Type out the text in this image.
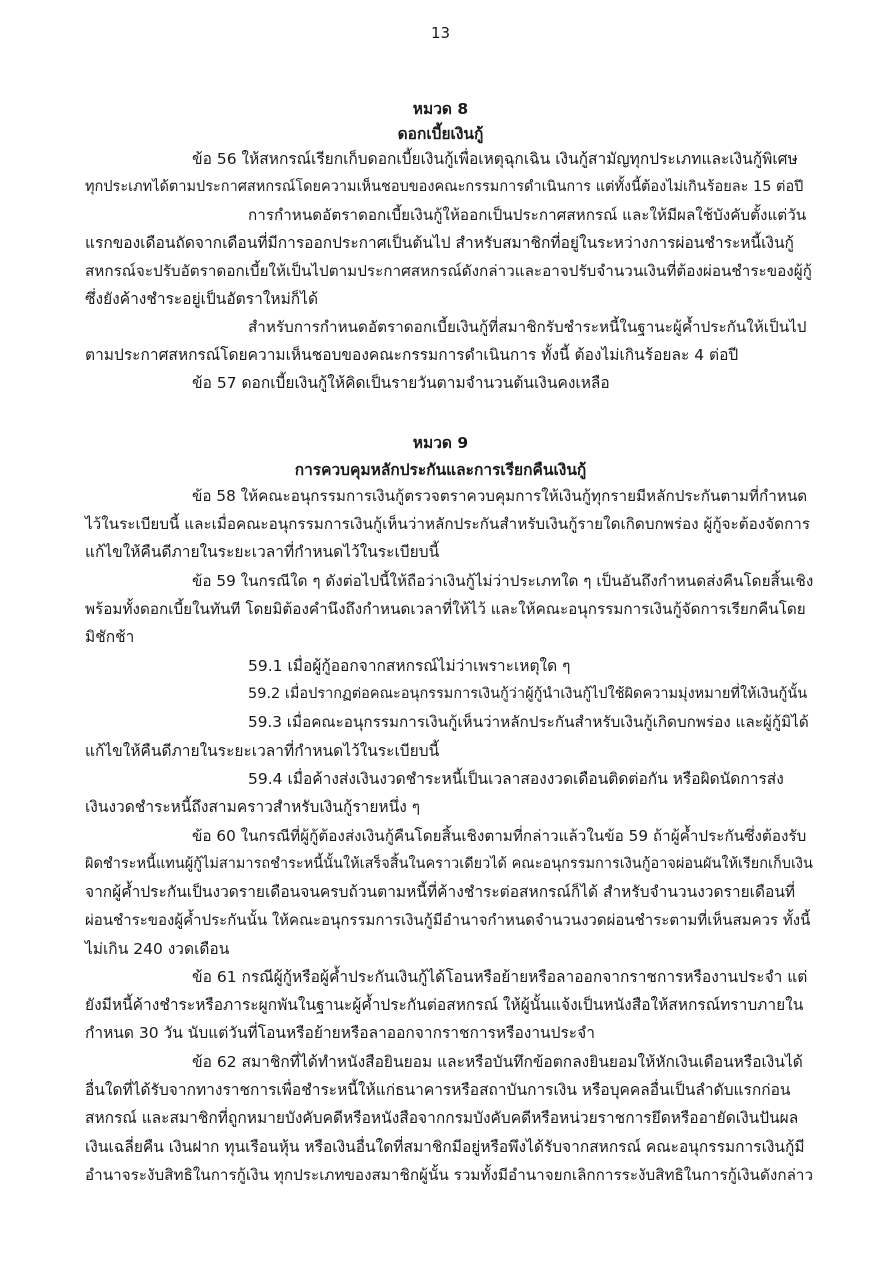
13
หมวด 8
ดอกเบี้ยเงินกู้
ข้อ 56 ให้สหกรณ์เรียกเก็บดอกเบี้ยเงินกู้เพื่อเหตุฉุกเฉิน เงินกู้สามัญทุกประเภทและเงินกู้พิเศษ
ทุกประเภทได้ตามประกาศสหกรณ์โดยความเห็นชอบของคณะกรรมการดำเนินการ แต่ทั้งนี้ต้องไม่เกินร้อยละ 15 ต่อปี
การกำหนดอัตราดอกเบี้ยเงินกู้ให้ออกเป็นประกาศสหกรณ์ และให้มีผลใช้บังคับตั้งแต่วัน
แรกของเดือนถัดจากเดือนที่มีการออกประกาศเป็นต้นไป สำหรับสมาชิกที่อยู่ในระหว่างการผ่อนชำระหนี้เงินกู้
สหกรณ์จะปรับอัตราดอกเบี้ยให้เป็นไปตามประกาศสหกรณ์ดังกล่าวและอาจปรับจำนวนเงินที่ต้องผ่อนชำระของผู้กู้
ซึ่งยังค้างชำระอยู่เป็นอัตราใหม่ก็ได้
สำหรับการกำหนดอัตราดอกเบี้ยเงินกู้ที่สมาชิกรับชำระหนี้ในฐานะผู้ค้ำประกันให้เป็นไป
ตามประกาศสหกรณ์โดยความเห็นชอบของคณะกรรมการดำเนินการ ทั้งนี้ ต้องไม่เกินร้อยละ 4 ต่อปี
ข้อ 57 ดอกเบี้ยเงินกู้ให้คิดเป็นรายวันตามจำนวนต้นเงินคงเหลือ
หมวด 9
การควบคุมหลักประกันและการเรียกคืนเงินกู้
ข้อ 58 ให้คณะอนุกรรมการเงินกู้ตรวจตราควบคุมการให้เงินกู้ทุกรายมีหลักประกันตามที่กำหนด
ไว้ในระเบียบนี้ และเมื่อคณะอนุกรรมการเงินกู้เห็นว่าหลักประกันสำหรับเงินกู้รายใดเกิดบกพร่อง ผู้กู้จะต้องจัดการ
แก้ไขให้คืนดีภายในระยะเวลาที่กำหนดไว้ในระเบียบนี้
ข้อ 59 ในกรณีใด ๆ ดังต่อไปนี้ให้ถือว่าเงินกู้ไม่ว่าประเภทใด ๆ เป็นอันถึงกำหนดส่งคืนโดยสิ้นเชิง
พร้อมทั้งดอกเบี้ยในทันที โดยมิต้องคำนึงถึงกำหนดเวลาที่ให้ไว้ และให้คณะอนุกรรมการเงินกู้จัดการเรียกคืนโดย
มิชักช้า
59.1 เมื่อผู้กู้ออกจากสหกรณ์ไม่ว่าเพราะเหตุใด ๆ
59.2 เมื่อปรากฏต่อคณะอนุกรรมการเงินกู้ว่าผู้กู้นำเงินกู้ไปใช้ผิดความมุ่งหมายที่ให้เงินกู้นั้น
59.3 เมื่อคณะอนุกรรมการเงินกู้เห็นว่าหลักประกันสำหรับเงินกู้เกิดบกพร่อง และผู้กู้มิได้
แก้ไขให้คืนดีภายในระยะเวลาที่กำหนดไว้ในระเบียบนี้
59.4 เมื่อค้างส่งเงินงวดชำระหนี้เป็นเวลาสองงวดเดือนติดต่อกัน หรือผิดนัดการส่ง
เงินงวดชำระหนี้ถึงสามคราวสำหรับเงินกู้รายหนึ่ง ๆ
ข้อ 60 ในกรณีที่ผู้กู้ต้องส่งเงินกู้คืนโดยสิ้นเชิงตามที่กล่าวแล้วในข้อ 59 ถ้าผู้ค้ำประกันซึ่งต้องรับ
ผิดชำระหนี้แทนผู้กู้ไม่สามารถชำระหนี้นั้นให้เสร็จสิ้นในคราวเดียวได้ คณะอนุกรรมการเงินกู้อาจผ่อนผันให้เรียกเก็บเงิน
จากผู้ค้ำประกันเป็นงวดรายเดือนจนครบถ้วนตามหนี้ที่ค้างชำระต่อสหกรณ์ก็ได้ สำหรับจำนวนงวดรายเดือนที่
ผ่อนชำระของผู้ค้ำประกันนั้น ให้คณะอนุกรรมการเงินกู้มีอำนาจกำหนดจำนวนงวดผ่อนชำระตามที่เห็นสมควร ทั้งนี้
ไม่เกิน 240 งวดเดือน
ข้อ 61 กรณีผู้กู้หรือผู้ค้ำประกันเงินกู้ได้โอนหรือย้ายหรือลาออกจากราชการหรืองานประจำ แต่
ยังมีหนี้ค้างชำระหรือภาระผูกพันในฐานะผู้ค้ำประกันต่อสหกรณ์ ให้ผู้นั้นแจ้งเป็นหนังสือให้สหกรณ์ทราบภายใน
กำหนด 30 วัน นับแต่วันที่โอนหรือย้ายหรือลาออกจากราชการหรืองานประจำ
ข้อ 62 สมาชิกที่ได้ทำหนังสือยินยอม และหรือบันทึกข้อตกลงยินยอมให้หักเงินเดือนหรือเงินได้
อื่นใดที่ได้รับจากทางราชการเพื่อชำระหนี้ให้แก่ธนาคารหรือสถาบันการเงิน หรือบุคคลอื่นเป็นลำดับแรกก่อน
สหกรณ์ และสมาชิกที่ถูกหมายบังคับคดีหรือหนังสือจากกรมบังคับคดีหรือหน่วยราชการยึดหรืออายัดเงินปันผล
เงินเฉลี่ยคืน เงินฝาก ทุนเรือนหุ้น หรือเงินอื่นใดที่สมาชิกมีอยู่หรือพึงได้รับจากสหกรณ์ คณะอนุกรรมการเงินกู้มี
อำนาจระงับสิทธิในการกู้เงิน ทุกประเภทของสมาชิกผู้นั้น รวมทั้งมีอำนาจยกเลิกการระงับสิทธิในการกู้เงินดังกล่าว
